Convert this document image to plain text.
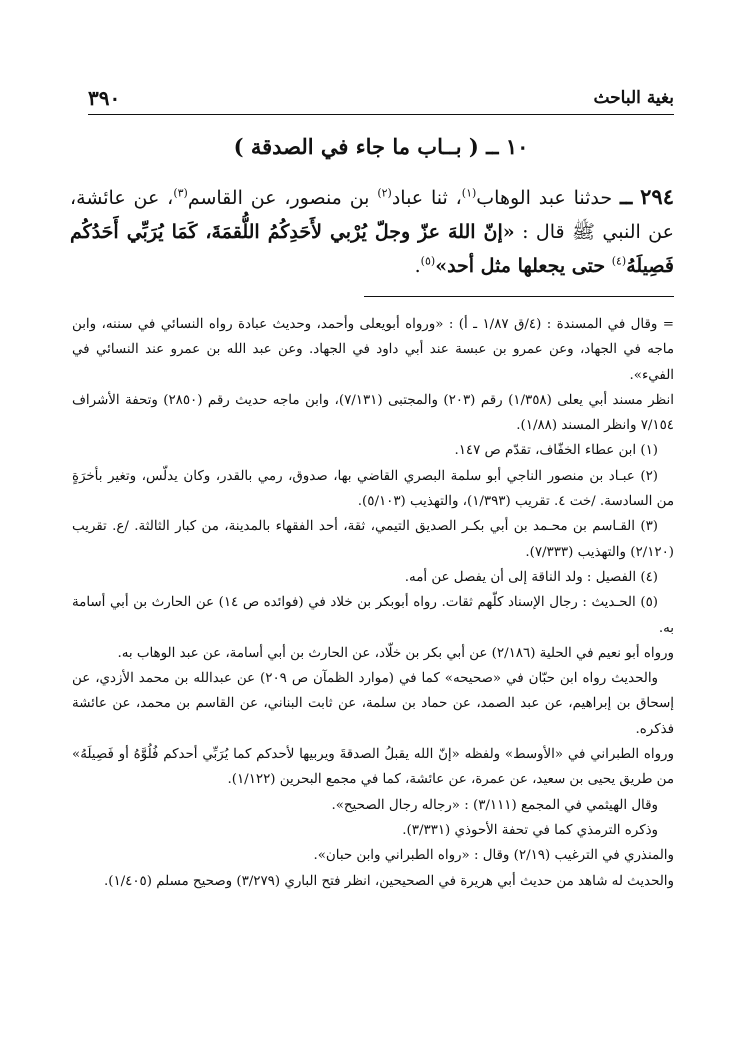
بغية الباحث
٣٩٠
١٠ ــ ( بــاب ما جاء في الصدقة )
٢٩٤ ــ حدثنا عبد الوهاب$^{(١)}$، ثنا عباد$^{(٢)}$ بن منصور، عن القاسم$^{(٣)}$، عن عائشة، عن النبي ﷺ قال : «إنّ اللهَ عزّ وجلّ يُرْبي لأَحَدِكُمُ اللُّقمَةَ، كَمَا يُرَبِّي أَحَدُكُم فَصِيلَهُ$^{(٤)}$ حتى يجعلها مثل أحد»$^{(٥)}$.

= وقال في المسندة : (٤/ق ١/٨٧ ـ أ) : «ورواه أبويعلى وأحمد، وحديث عبادة رواه النسائي في سننه، وابن ماجه في الجهاد، وعن عمرو بن عبسة عند أبي داود في الجهاد. وعن عبد الله بن عمرو عند النسائي في الفيء».

انظر مسند أبي يعلى (١/٣٥٨) رقم (٢٠٣) والمجتبى (٧/١٣١)، وابن ماجه حديث رقم (٢٨٥٠) وتحفة الأشراف ٧/١٥٤ وانظر المسند (١/٨٨).

(١) ابن عطاء الخفّاف، تقدّم ص ١٤٧.

(٢) عبـاد بن منصور الناجي أبو سلمة البصري القاضي بها، صدوق، رمي بالقدر، وكان يدلّس، وتغير بأخرَةٍ من السادسة. /خت ٤. تقريب (١/٣٩٣)، والتهذيب (٥/١٠٣).

(٣) القـاسم بن محـمد بن أبي بكـر الصديق التيمي، ثقة، أحد الفقهاء بالمدينة، من كبار الثالثة. /ع. تقريب (٢/١٢٠) والتهذيب (٧/٣٣٣).

(٤) الفصيل : ولد الناقة إلى أن يفصل عن أمه.

(٥) الحـديث : رجال الإسناد كلّهم ثقات. رواه أبوبكر بن خلاد في (فوائده ص ١٤) عن الحارث بن أبي أسامة به.

ورواه أبو نعيم في الحلية (٢/١٨٦) عن أبي بكر بن خلّاد، عن الحارث بن أبي أسامة، عن عبد الوهاب به.

والحديث رواه ابن حبّان في «صحيحه» كما في (موارد الظمآن ص ٢٠٩) عن عبدالله بن محمد الأزدي، عن إسحاق بن إبراهيم، عن عبد الصمد، عن حماد بن سلمة، عن ثابت البناني، عن القاسم بن محمد، عن عائشة فذكره.

ورواه الطبراني في «الأوسط» ولفظه «إنّ الله يقبلُ الصدقةَ ويربيها لأحدكم كما يُرَبِّي أحدكم فُلُوَّهُ أو فَصِيلَهُ» من طريق يحيى بن سعيد، عن عمرة، عن عائشة، كما في مجمع البحرين (١/١٢٢).

وقال الهيثمي في المجمع (٣/١١١) : «رجاله رجال الصحيح».

وذكره الترمذي كما في تحفة الأحوذي (٣/٣٣١).

والمنذري في الترغيب (٢/١٩) وقال : «رواه الطبراني وابن حبان».

والحديث له شاهد من حديث أبي هريرة في الصحيحين، انظر فتح الباري (٣/٢٧٩) وصحيح مسلم (١/٤٠٥).
